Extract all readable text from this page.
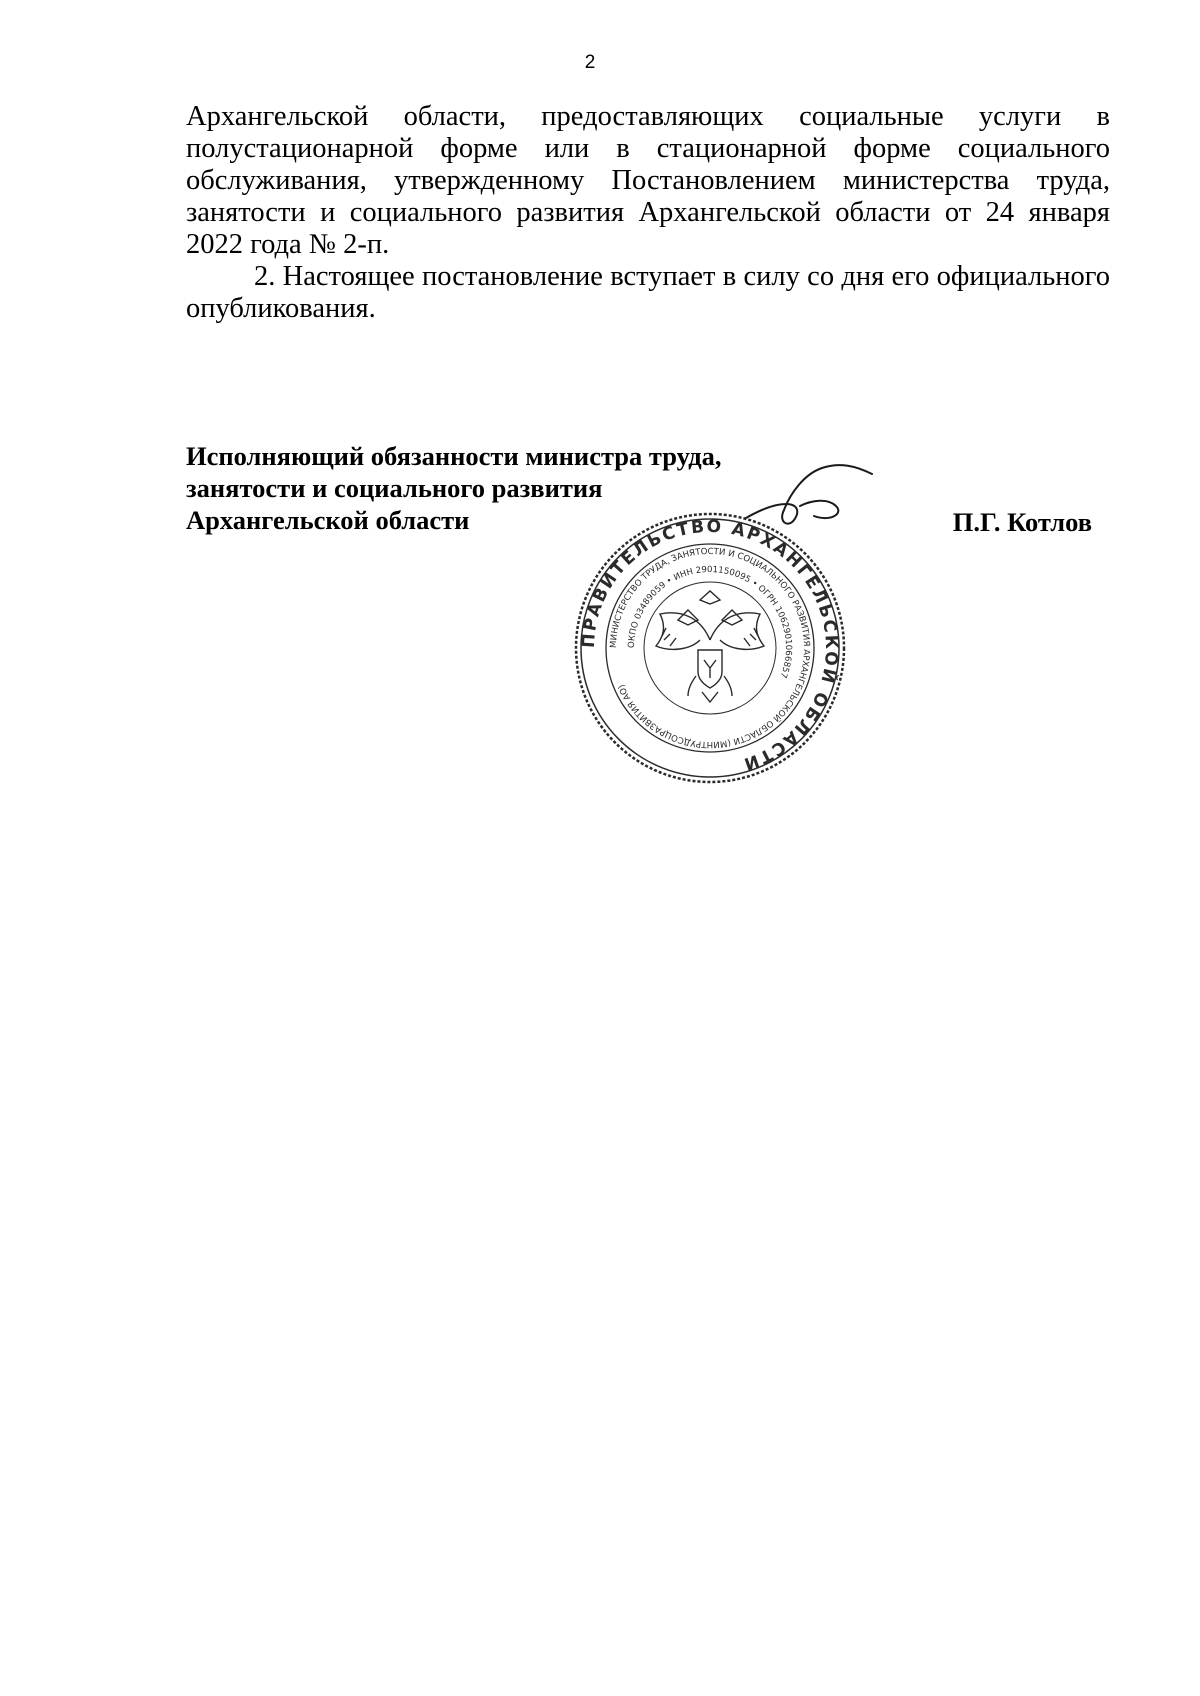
2

Архангельской области, предоставляющих социальные услуги в полустационарной форме или в стационарной форме социального обслуживания, утвержденному Постановлением министерства труда, занятости и социального развития Архангельской области от 24 января 2022 года № 2-п.

2. Настоящее постановление вступает в силу со дня его официального опубликования.

Исполняющий обязанности министра труда,
занятости и социального развития
Архангельской области	П.Г. Котлов
ПРАВИТЕЛЬСТВО АРХАНГЕЛЬСКОЙ ОБЛАСТИ
МИНИСТЕРСТВО ТРУДА, ЗАНЯТОСТИ И СОЦИАЛЬНОГО РАЗВИТИЯ АРХАНГЕЛЬСКОЙ ОБЛАСТИ (МИНТРУДСОЦРАЗВИТИЯ АО)
ОКПО 03489059 • ИНН 2901150095 • ОГРН 1062901066857
